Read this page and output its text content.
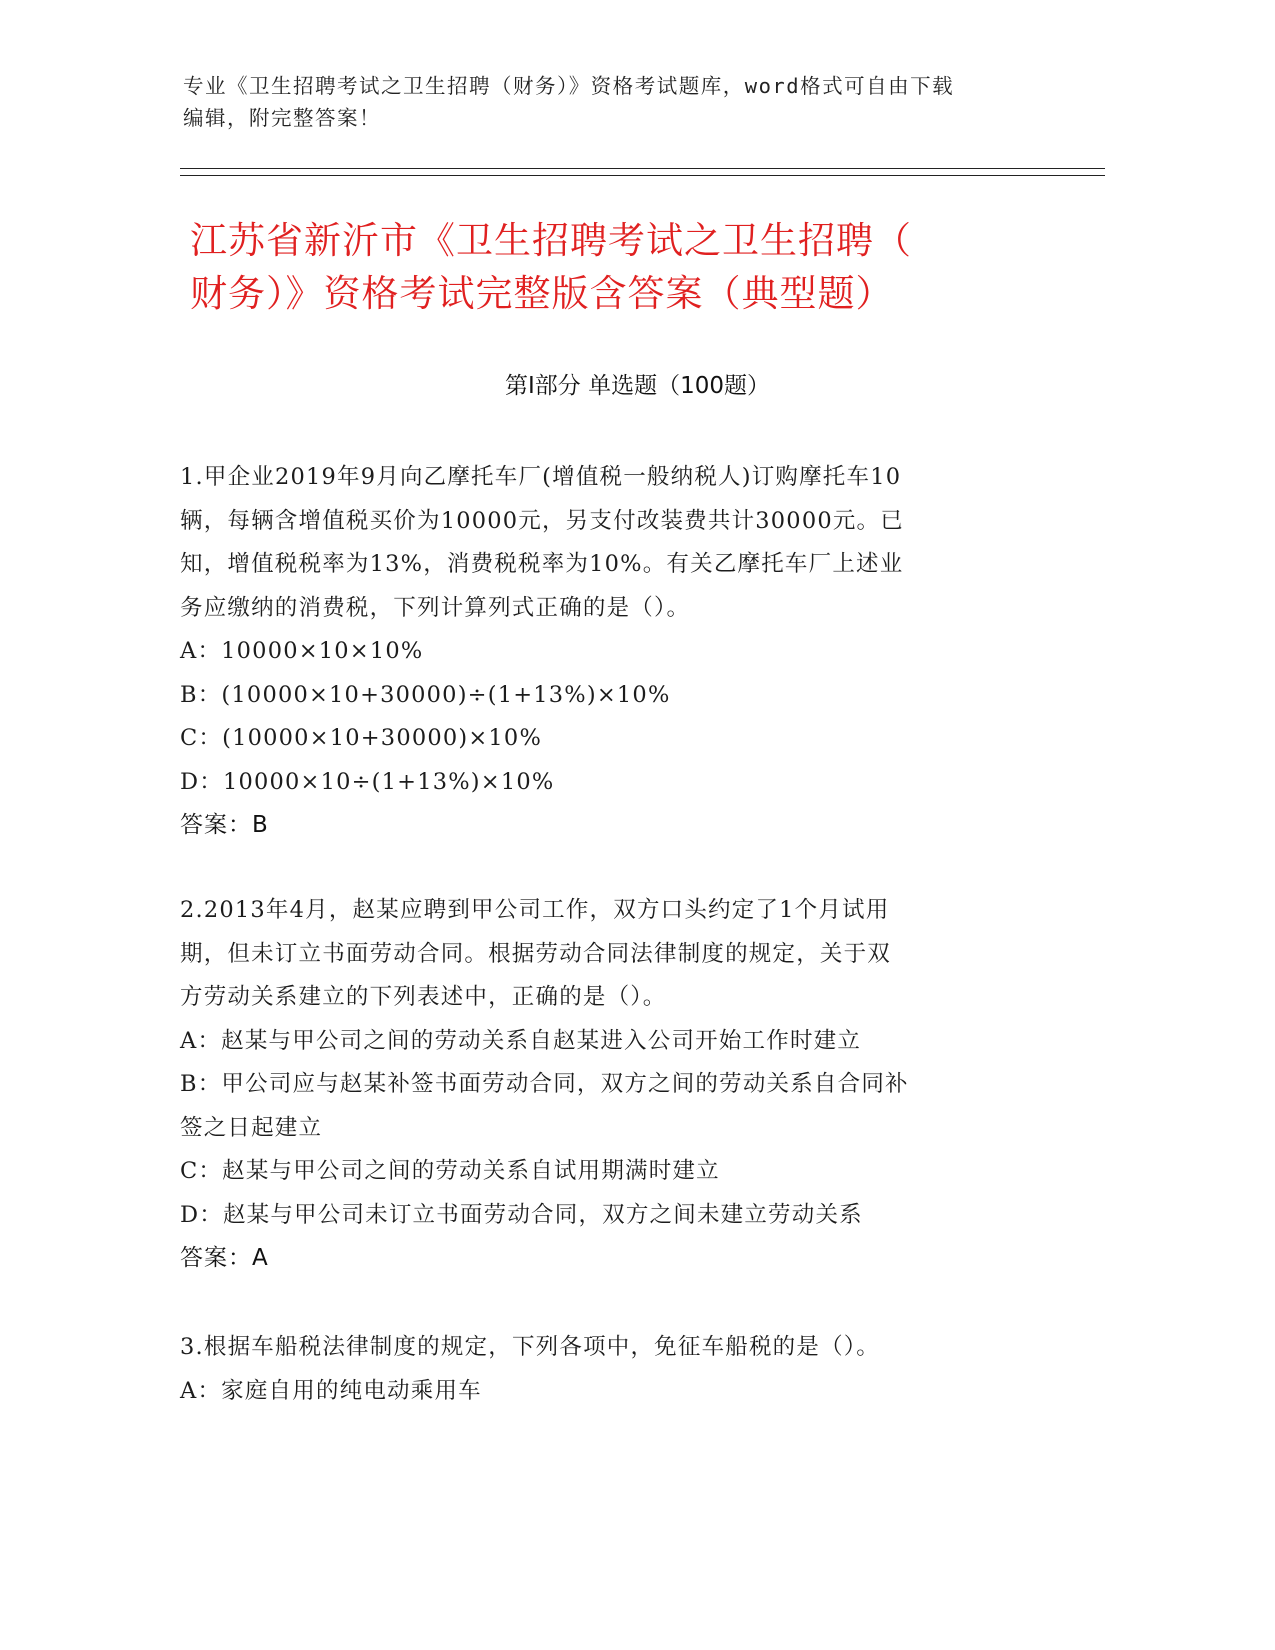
专业《卫生招聘考试之卫生招聘（财务）》资格考试题库，word格式可自由下载
编辑，附完整答案！
江苏省新沂市《卫生招聘考试之卫生招聘（
财务）》资格考试完整版含答案（典型题）
第Ⅰ部分 单选题（100题）

1.甲企业2019年9月向乙摩托车厂(增值税一般纳税人)订购摩托车10

辆，每辆含增值税买价为10000元，另支付改装费共计30000元。已

知，增值税税率为13%，消费税税率为10%。有关乙摩托车厂上述业

务应缴纳的消费税，下列计算列式正确的是（）。

A：10000×10×10%

B：(10000×10+30000)÷(1+13%)×10%

C：(10000×10+30000)×10%

D：10000×10÷(1+13%)×10%

答案：B

2.2013年4月，赵某应聘到甲公司工作，双方口头约定了1个月试用

期，但未订立书面劳动合同。根据劳动合同法律制度的规定，关于双

方劳动关系建立的下列表述中，正确的是（）。

A：赵某与甲公司之间的劳动关系自赵某进入公司开始工作时建立

B：甲公司应与赵某补签书面劳动合同，双方之间的劳动关系自合同补

签之日起建立

C：赵某与甲公司之间的劳动关系自试用期满时建立

D：赵某与甲公司未订立书面劳动合同，双方之间未建立劳动关系

答案：A

3.根据车船税法律制度的规定，下列各项中，免征车船税的是（）。

A：家庭自用的纯电动乘用车
